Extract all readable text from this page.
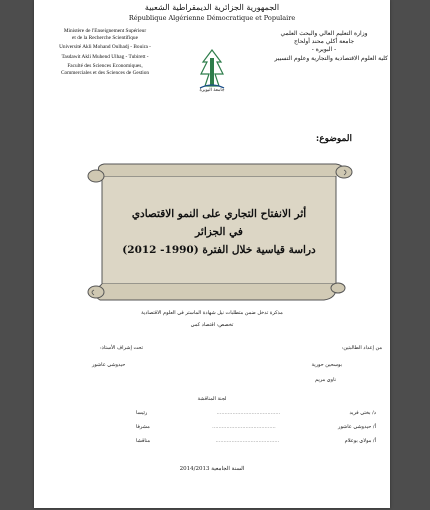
الجمهورية الجزائرية الديمقراطية الشعبية
République Algérienne Démocratique et Populaire
Ministère de l'Enseignement Supérieur
et de la Recherche Scientifique
Université Akli Mohand Oulhadj - Bouira -
Tasdawit Akli Muhend Ulhag - Tubirett -
Faculté des Sciences Economiques,
Commerciales et des Sciences de Gestion
وزارة التعليم العالي والبحث العلمي
جامعة أكلي محند أولحاج
- البويرة -
كلية العلوم الاقتصادية والتجارية وعلوم التسيير
جامعة البويرة
الموضوع:
أثر الانفتاح التجاري على النمو الاقتصادي
في الجزائر
دراسة قياسية خلال الفترة (1990- 2012)
مذكرة تدخل ضمن متطلبات نيل شهادة الماستر في العلوم الاقتصادية
تخصص: اقتصاد كمي
من إعداد الطالبتين:
بوسحين حورية
ناوي مريم
تحت إشراف الأستاذ:
حيدوشي عاشور
لجنة المناقشة
د/ بختي فريد
........................................
رئيسا
أ/ حيدوشي عاشور
........................................
مشرفا
أ/ مولاي بوعلام
........................................
مناقشا
السنة الجامعية 2014/2013
